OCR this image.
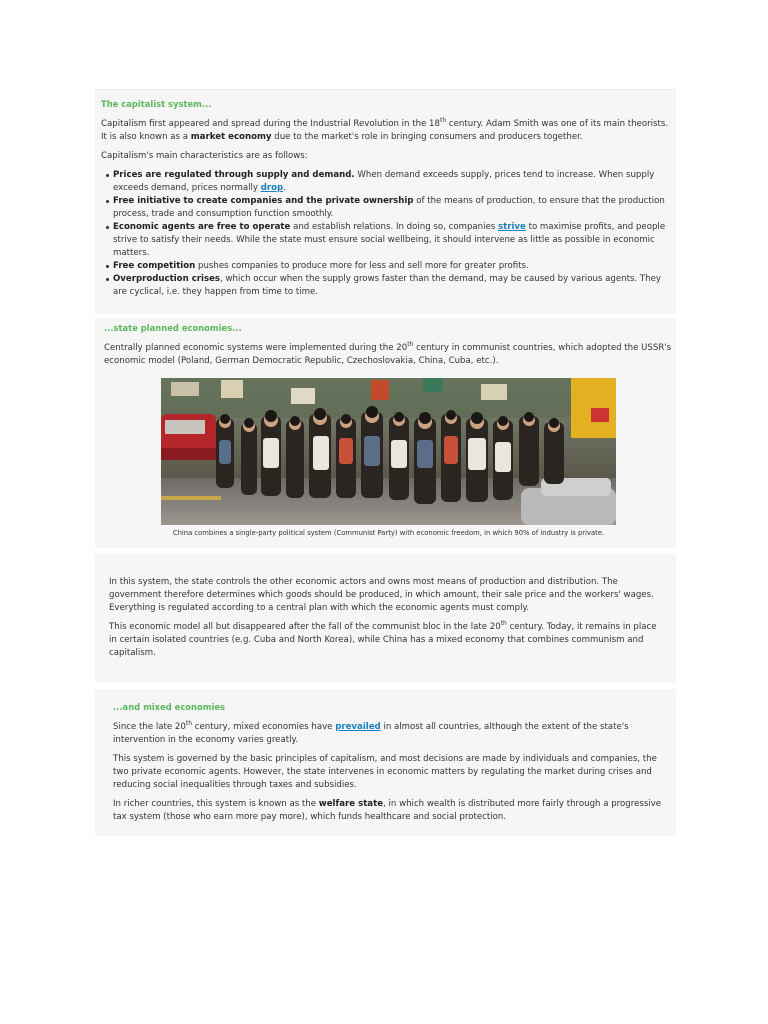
The capitalist system...

Capitalism first appeared and spread during the Industrial Revolution in the 18th century. Adam Smith was one of its main theorists. It is also known as a market economy due to the market's role in bringing consumers and producers together.

Capitalism's main characteristics are as follows:

Prices are regulated through supply and demand. When demand exceeds supply, prices tend to increase. When supply exceeds demand, prices normally drop.
Free initiative to create companies and the private ownership of the means of production, to ensure that the production process, trade and consumption function smoothly.
Economic agents are free to operate and establish relations. In doing so, companies strive to maximise profits, and people strive to satisfy their needs. While the state must ensure social wellbeing, it should intervene as little as possible in economic matters.
Free competition pushes companies to produce more for less and sell more for greater profits.
Overproduction crises, which occur when the supply grows faster than the demand, may be caused by various agents. They are cyclical, i.e. they happen from time to time.
...state planned economies...

Centrally planned economic systems were implemented during the 20th century in communist countries, which adopted the USSR's economic model (Poland, German Democratic Republic, Czechoslovakia, China, Cuba, etc.).

China combines a single-party political system (Communist Party) with economic freedom, in which 90% of industry is private.

In this system, the state controls the other economic actors and owns most means of production and distribution. The government therefore determines which goods should be produced, in which amount, their sale price and the workers' wages. Everything is regulated according to a central plan with which the economic agents must comply.

This economic model all but disappeared after the fall of the communist bloc in the late 20th century. Today, it remains in place in certain isolated countries (e.g. Cuba and North Korea), while China has a mixed economy that combines communism and capitalism.

...and mixed economies

Since the late 20th century, mixed economies have prevailed in almost all countries, although the extent of the state's intervention in the economy varies greatly.

This system is governed by the basic principles of capitalism, and most decisions are made by individuals and companies, the two private economic agents. However, the state intervenes in economic matters by regulating the market during crises and reducing social inequalities through taxes and subsidies.

In richer countries, this system is known as the welfare state, in which wealth is distributed more fairly through a progressive tax system (those who earn more pay more), which funds healthcare and social protection.
